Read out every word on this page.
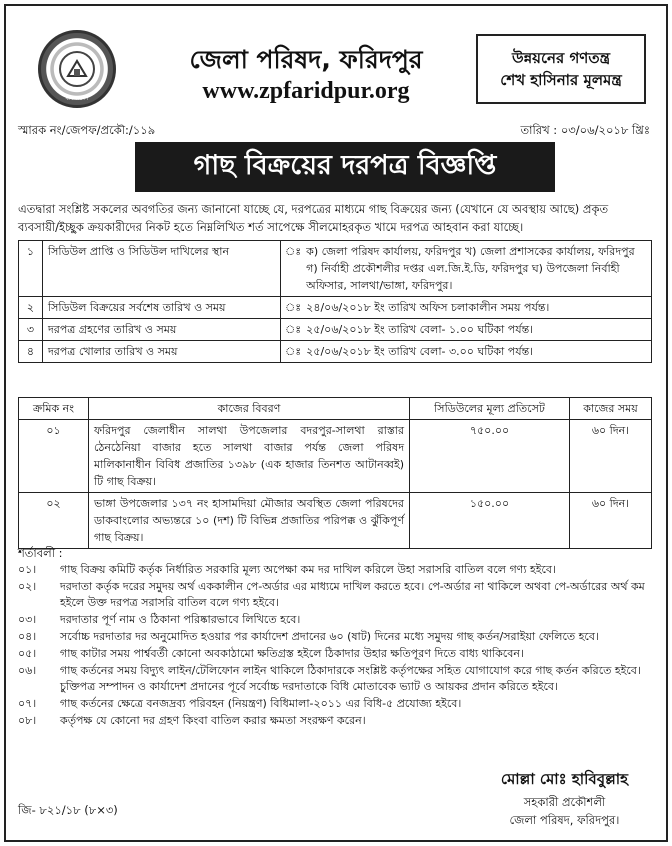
বাংলাদেশ
জেলা পরিষদ, ফরিদপুর
www.zpfaridpur.org
উন্নয়নের গণতন্ত্র
শেখ হাসিনার মূলমন্ত্র
স্মারক নং/জেপফ/প্রকৌ:/১১৯	তারিখ : ০৩/০৬/২০১৮ খ্রিঃ
গাছ বিক্রয়ের দরপত্র বিজ্ঞপ্তি
এতদ্বারা সংশ্লিষ্ট সকলের অবগতির জন্য জানানো যাচ্ছে যে, দরপত্রের মাধ্যমে গাছ বিক্রয়ের জন্য (যেখানে যে অবস্থায় আছে) প্রকৃত ব্যবসায়ী/ইচ্ছুক ক্রয়কারীদের নিকট হতে নিম্নলিখিত শর্ত সাপেক্ষে সীলমোহরকৃত খামে দরপত্র আহবান করা যাচ্ছে।
১	সিডিউল প্রাপ্তি ও সিডিউল দাখিলের স্থান	ঃ	ক) জেলা পরিষদ কার্যালয়, ফরিদপুর খ) জেলা প্রশাসকের কার্যালয়, ফরিদপুর গ) নির্বাহী প্রকৌশলীর দপ্তর এল.জি.ই.ডি, ফরিদপুর ঘ) উপজেলা নির্বাহী অফিসার, সালথা/ভাঙ্গা, ফরিদপুর।
২	সিডিউল বিক্রয়ের সর্বশেষ তারিখ ও সময়	ঃ	২৪/০৬/২০১৮ ইং তারিখ অফিস চলাকালীন সময় পর্যন্ত।
৩	দরপত্র গ্রহণের তারিখ ও সময়	ঃ	২৫/০৬/২০১৮ ইং তারিখ বেলা- ১.০০ ঘটিকা পর্যন্ত।
৪	দরপত্র খোলার তারিখ ও সময়	ঃ	২৫/০৬/২০১৮ ইং তারিখ বেলা- ৩.০০ ঘটিকা পর্যন্ত।
ক্রমিক নং	কাজের বিবরণ	সিডিউলের মূল্য প্রতিসেট	কাজের সময়
০১	ফরিদপুর জেলাধীন সালথা উপজেলার বদরপুর-সালথা রাস্তার ঠেনঠেনিয়া বাজার হতে সালথা বাজার পর্যন্ত জেলা পরিষদ মালিকানাধীন বিবিধ প্রজাতির ১৩৯৮ (এক হাজার তিনশত আটানব্বই) টি গাছ বিক্রয়।	৭৫০.০০	৬০ দিন।
০২	ভাঙ্গা উপজেলার ১৩৭ নং হাসামদিয়া মৌজার অবস্থিত জেলা পরিষদের ডাকবাংলোর অভ্যন্তরে ১০ (দশ) টি বিভিন্ন প্রজাতির পরিপক্ক ও ঝুঁকিপূর্ণ গাছ বিক্রয়।	১৫০.০০	৬০ দিন।
শর্তাবলী :
০১।	গাছ বিক্রয় কমিটি কর্তৃক নির্ধারিত সরকারি মূল্য অপেক্ষা কম দর দাখিল করিলে উহা সরাসরি বাতিল বলে গণ্য হইবে।
০২।	দরদাতা কর্তৃক দরের সমুদয় অর্থ এককালীন পে-অর্ডার এর মাধ্যমে দাখিল করতে হবে। পে-অর্ডার না থাকিলে অথবা পে-অর্ডারের অর্থ কম হইলে উক্ত দরপত্র সরাসরি বাতিল বলে গণ্য হইবে।
০৩।	দরদাতার পূর্ণ নাম ও ঠিকানা পরিষ্কারভাবে লিখিতে হবে।
০৪।	সর্বোচ্চ দরদাতার দর অনুমোদিত হওয়ার পর কার্যাদেশ প্রদানের ৬০ (ষাট) দিনের মধ্যে সমুদয় গাছ কর্তন/সরাইয়া ফেলিতে হবে।
০৫।	গাছ কাটার সময় পার্শ্ববর্তী কোনো অবকাঠামো ক্ষতিগ্রস্ত হইলে ঠিকাদার উহার ক্ষতিপূরণ দিতে বাধ্য থাকিবেন।
০৬।	গাছ কর্তনের সময় বিদ্যুৎ লাইন/টেলিফোন লাইন থাকিলে ঠিকাদারকে সংশ্লিষ্ট কর্তৃপক্ষের সহিত যোগাযোগ করে গাছ কর্তন করিতে হইবে। চুক্তিপত্র সম্পাদন ও কার্যাদেশ প্রদানের পূর্বে সর্বোচ্চ দরদাতাকে বিধি মোতাবেক ভ্যাট ও আয়কর প্রদান করিতে হইবে।
০৭।	গাছ কর্তনের ক্ষেত্রে বনজদ্রব্য পরিবহন (নিয়ন্ত্রণ) বিধিমালা-২০১১ এর বিধি-৫ প্রযোজ্য হইবে।
০৮।	কর্তৃপক্ষ যে কোনো দর গ্রহণ কিংবা বাতিল করার ক্ষমতা সংরক্ষণ করেন।
মোল্লা মোঃ হাবিবুল্লাহ
সহকারী প্রকৌশলী
জেলা পরিষদ, ফরিদপুর।
জি- ৮২১/১৮ (৮×৩)
